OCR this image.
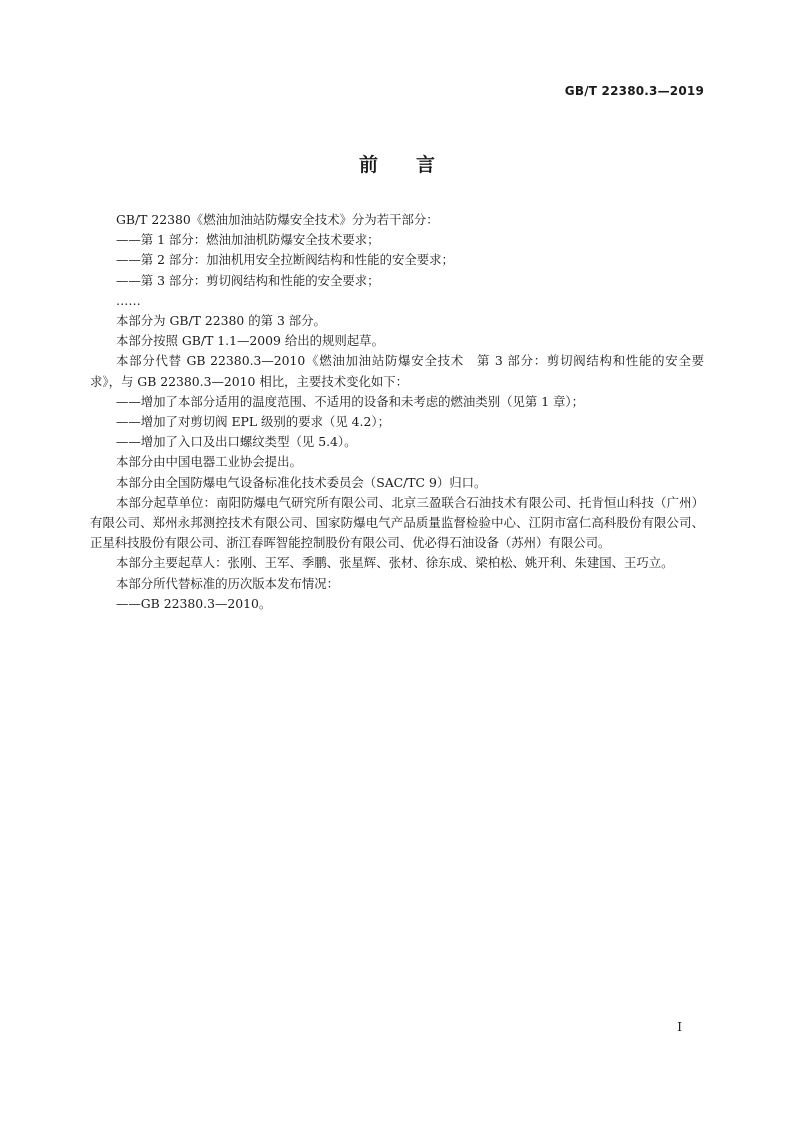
GB/T 22380.3—2019
前言

GB/T 22380《燃油加油站防爆安全技术》分为若干部分：

——第 1 部分：燃油加油机防爆安全技术要求；

——第 2 部分：加油机用安全拉断阀结构和性能的安全要求；

——第 3 部分：剪切阀结构和性能的安全要求；

……

本部分为 GB/T 22380 的第 3 部分。

本部分按照 GB/T 1.1—2009 给出的规则起草。

本部分代替 GB 22380.3—2010《燃油加油站防爆安全技术　第 3 部分：剪切阀结构和性能的安全要求》，与 GB 22380.3—2010 相比，主要技术变化如下：

——增加了本部分适用的温度范围、不适用的设备和未考虑的燃油类别（见第 1 章）；

——增加了对剪切阀 EPL 级别的要求（见 4.2）；

——增加了入口及出口螺纹类型（见 5.4）。

本部分由中国电器工业协会提出。

本部分由全国防爆电气设备标准化技术委员会（SAC/TC 9）归口。

本部分起草单位：南阳防爆电气研究所有限公司、北京三盈联合石油技术有限公司、托肯恒山科技（广州）有限公司、郑州永邦测控技术有限公司、国家防爆电气产品质量监督检验中心、江阴市富仁高科股份有限公司、正星科技股份有限公司、浙江春晖智能控制股份有限公司、优必得石油设备（苏州）有限公司。

本部分主要起草人：张刚、王军、季鹏、张星辉、张材、徐东成、梁柏松、姚开利、朱建国、王巧立。

本部分所代替标准的历次版本发布情况：

——GB 22380.3—2010。

I
